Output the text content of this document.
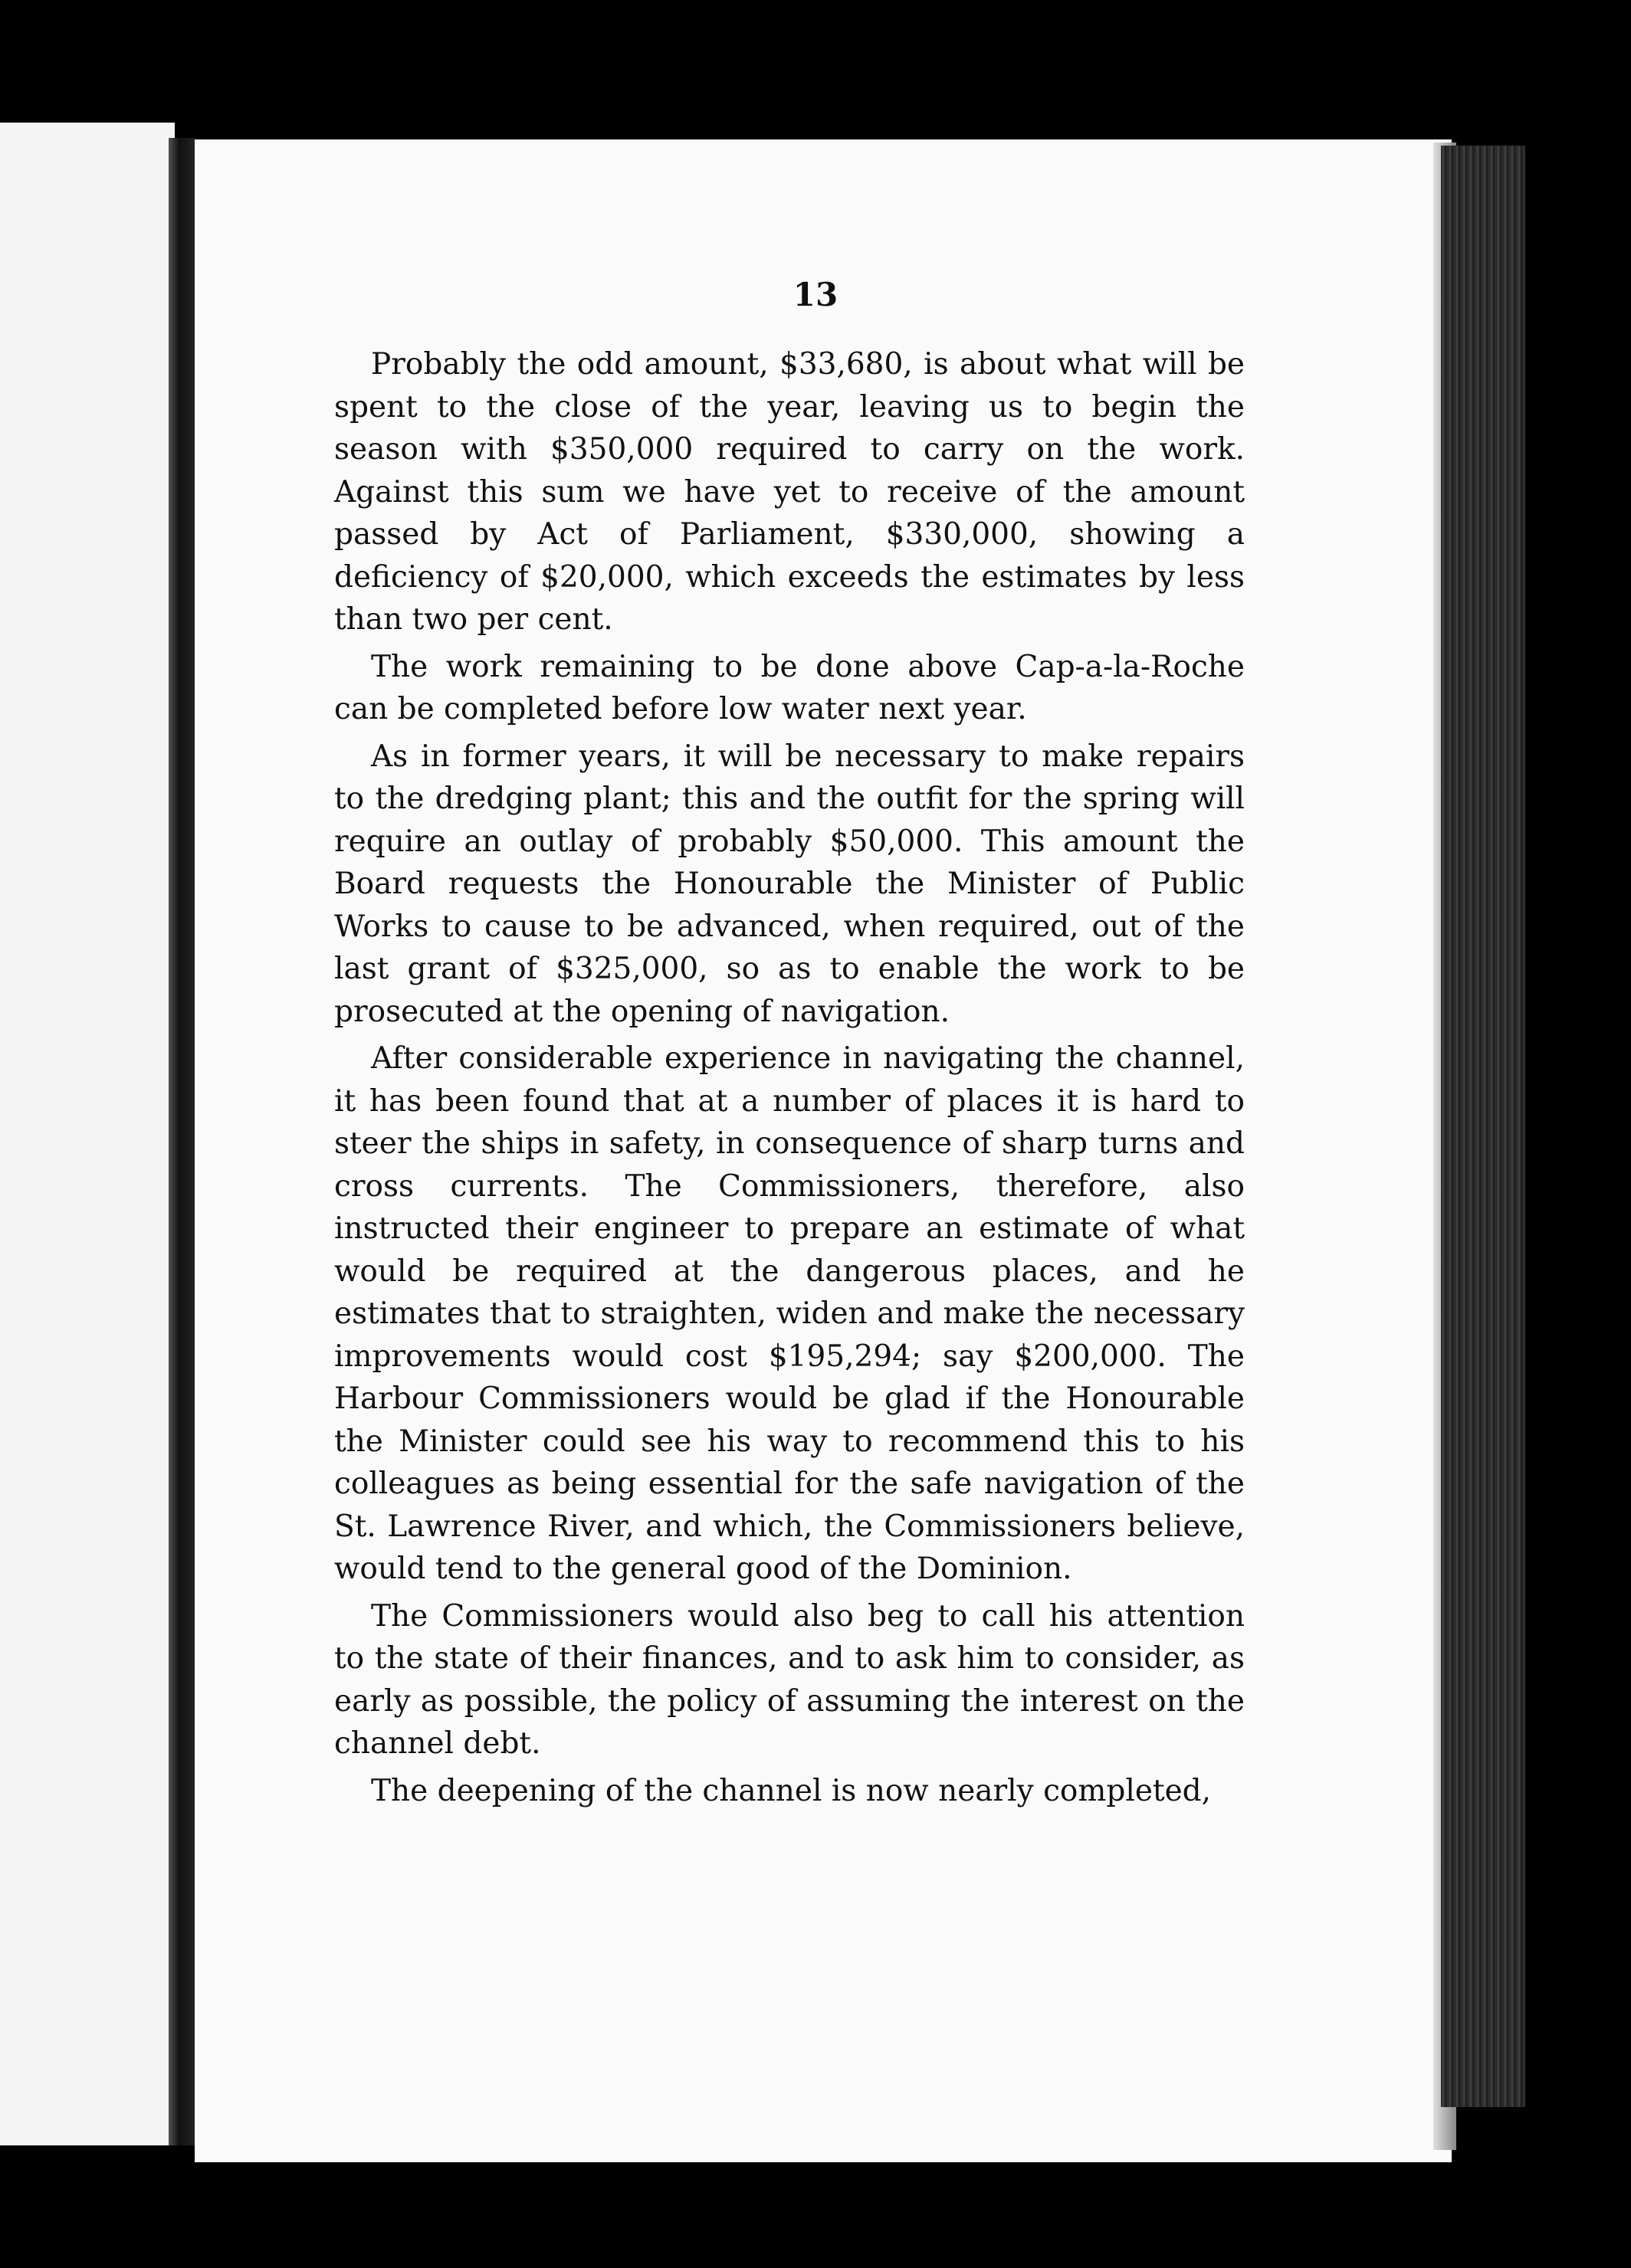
13

Probably the odd amount, $33,680, is about what will be spent to the close of the year, leaving us to begin the season with $350,000 required to carry on the work. Against this sum we have yet to receive of the amount passed by Act of Parliament, $330,000, showing a deficiency of $20,000, which exceeds the estimates by less than two per cent.

The work remaining to be done above Cap-a-la-Roche can be completed before low water next year.

As in former years, it will be necessary to make repairs to the dredging plant; this and the outfit for the spring will require an outlay of probably $50,000. This amount the Board requests the Honourable the Minister of Public Works to cause to be advanced, when required, out of the last grant of $325,000, so as to enable the work to be prosecuted at the opening of navigation.

After considerable experience in navigating the channel, it has been found that at a number of places it is hard to steer the ships in safety, in consequence of sharp turns and cross currents. The Commissioners, therefore, also instructed their engineer to prepare an estimate of what would be required at the dangerous places, and he estimates that to straighten, widen and make the necessary improvements would cost $195,294; say $200,000. The Harbour Commissioners would be glad if the Honourable the Minister could see his way to recommend this to his colleagues as being essential for the safe navigation of the St. Lawrence River, and which, the Commissioners believe, would tend to the general good of the Dominion.

The Commissioners would also beg to call his attention to the state of their finances, and to ask him to consider, as early as possible, the policy of assuming the interest on the channel debt.

The deepening of the channel is now nearly completed,
